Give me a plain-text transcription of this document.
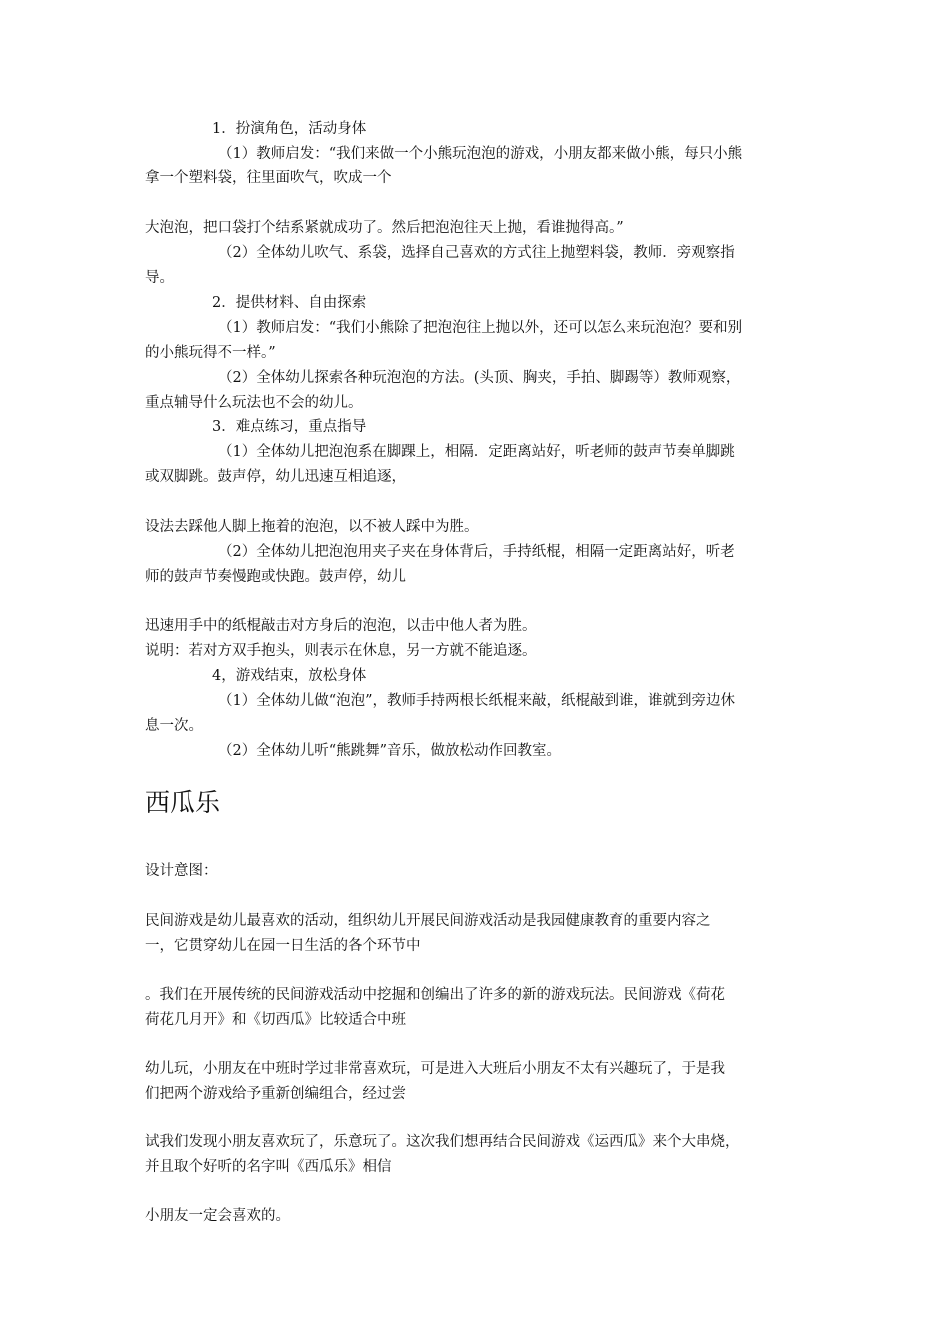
1．扮演角色，活动身体
（1）教师启发：“我们来做一个小熊玩泡泡的游戏，小朋友都来做小熊，每只小熊
拿一个塑料袋，往里面吹气，吹成一个
大泡泡，把口袋打个结系紧就成功了。然后把泡泡往天上抛，看谁抛得高。”
（2）全体幼儿吹气、系袋，选择自己喜欢的方式往上抛塑料袋，教师．旁观察指
导。
2．提供材料、自由探索
（1）教师启发：“我们小熊除了把泡泡往上抛以外，还可以怎么来玩泡泡？要和别
的小熊玩得不一样。”
（2）全体幼儿探索各种玩泡泡的方法。(头顶、胸夹，手拍、脚踢等）教师观察，
重点辅导什么玩法也不会的幼儿。
3．难点练习，重点指导
（1）全体幼儿把泡泡系在脚踝上，相隔．定距离站好，听老师的鼓声节奏单脚跳
或双脚跳。鼓声停，幼儿迅速互相追逐，
设法去踩他人脚上拖着的泡泡，以不被人踩中为胜。
（2）全体幼儿把泡泡用夹子夹在身体背后，手持纸棍，相隔一定距离站好，听老
师的鼓声节奏慢跑或快跑。鼓声停，幼儿
迅速用手中的纸棍敲击对方身后的泡泡，以击中他人者为胜。
说明：若对方双手抱头，则表示在休息，另一方就不能追逐。
4，游戏结束，放松身体
（1）全体幼儿做“泡泡”，教师手持两根长纸棍来敲，纸棍敲到谁，谁就到旁边休
息一次。
（2）全体幼儿听“熊跳舞”音乐，做放松动作回教室。
西瓜乐
设计意图：
民间游戏是幼儿最喜欢的活动，组织幼儿开展民间游戏活动是我园健康教育的重要内容之
一，它贯穿幼儿在园一日生活的各个环节中
。我们在开展传统的民间游戏活动中挖掘和创编出了许多的新的游戏玩法。民间游戏《荷花
荷花几月开》和《切西瓜》比较适合中班
幼儿玩，小朋友在中班时学过非常喜欢玩，可是进入大班后小朋友不太有兴趣玩了，于是我
们把两个游戏给予重新创编组合，经过尝
试我们发现小朋友喜欢玩了，乐意玩了。这次我们想再结合民间游戏《运西瓜》来个大串烧，
并且取个好听的名字叫《西瓜乐》相信
小朋友一定会喜欢的。
